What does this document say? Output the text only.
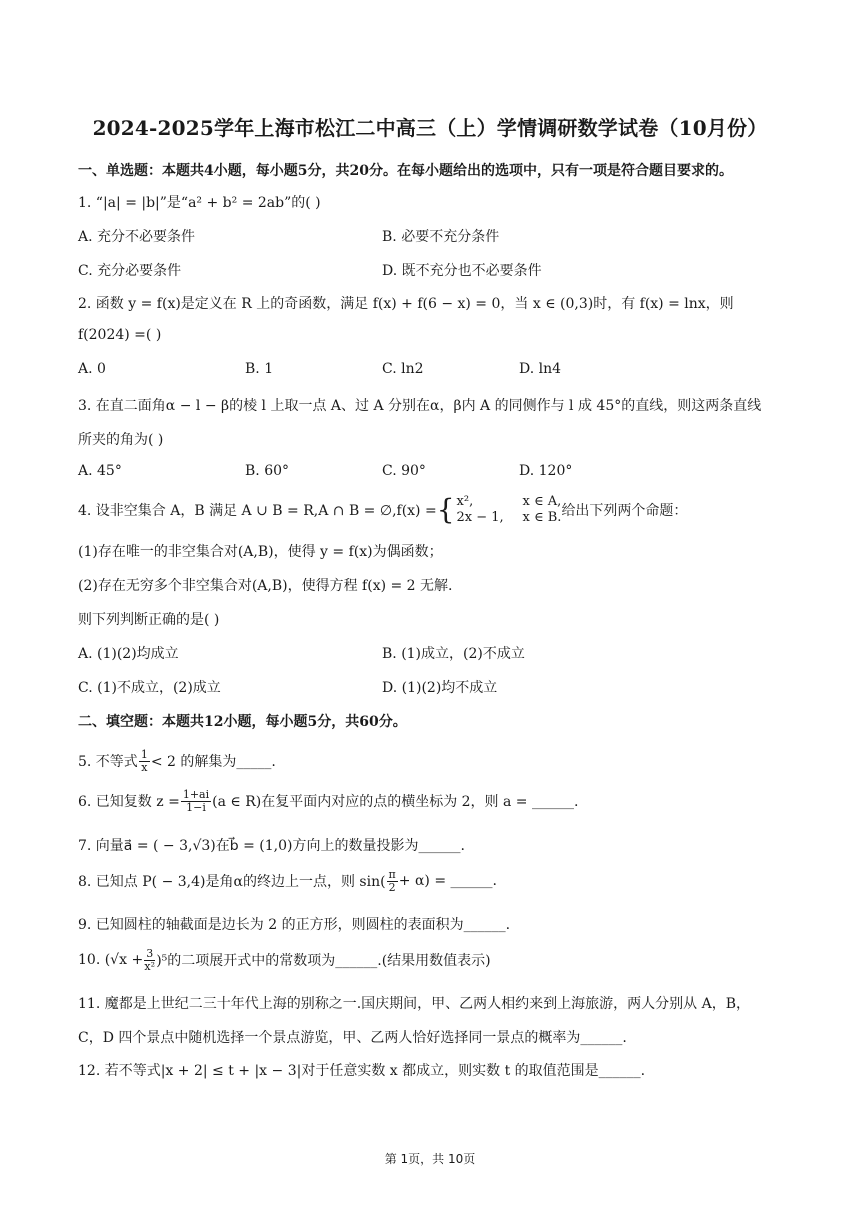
2024-2025学年上海市松江二中高三（上）学情调研数学试卷（10月份）
一、单选题：本题共4小题，每小题5分，共20分。在每小题给出的选项中，只有一项是符合题目要求的。
1. “|a| = |b|”是“a² + b² = 2ab”的( )
A. 充分不必要条件	B. 必要不充分条件
C. 充分必要条件	D. 既不充分也不必要条件
2. 函数 y = f(x)是定义在 R 上的奇函数，满足 f(x) + f(6 − x) = 0，当 x ∈ (0,3)时，有 f(x) = lnx，则
f(2024) =( )
A. 0	B. 1	C. ln2	D. ln4
3. 在直二面角α − l − β的棱 l 上取一点 A、过 A 分别在α，β内 A 的同侧作与 l 成 45°的直线，则这两条直线
所夹的角为( )
A. 45°	B. 60°	C. 90°	D. 120°
4. 设非空集合 A，B 满足 A ∪ B = R,A ∩ B = ∅,f(x) = { x²,	x ∈ A,
2x − 1,	x ∈ B. 给出下列两个命题：
(1)存在唯一的非空集合对(A,B)，使得 y = f(x)为偶函数；
(2)存在无穷多个非空集合对(A,B)，使得方程 f(x) = 2 无解.
则下列判断正确的是( )
A. (1)(2)均成立	B. (1)成立，(2)不成立
C. (1)不成立，(2)成立	D. (1)(2)均不成立
二、填空题：本题共12小题，每小题5分，共60分。
5. 不等式 $\frac{1}{x} < 2$ 的解集为_____.
6. 已知复数 $z = \frac{1+ai}{1-i} (a$ ∈ R)在复平面内对应的点的横坐标为 2，则 a = ______.
7. 向量a⃗ = ( − 3,√3)在b⃗ = (1,0)方向上的数量投影为______.
8. 已知点 P( − 3,4)是角α的终边上一点，则 $\sin( \frac{\pi}{2} + \alpha)$ = ______.
9. 已知圆柱的轴截面是边长为 2 的正方形，则圆柱的表面积为______.
10. $(√x + \frac{3}{\text{x²}} )^5$的二项展开式中的常数项为______.(结果用数值表示)
11. 魔都是上世纪二三十年代上海的别称之一.国庆期间，甲、乙两人相约来到上海旅游，两人分别从 A，B，
C，D 四个景点中随机选择一个景点游览，甲、乙两人恰好选择同一景点的概率为______.
12. 若不等式|x + 2| ≤ t + |x − 3|对于任意实数 x 都成立，则实数 t 的取值范围是______.
第 1页，共 10页
